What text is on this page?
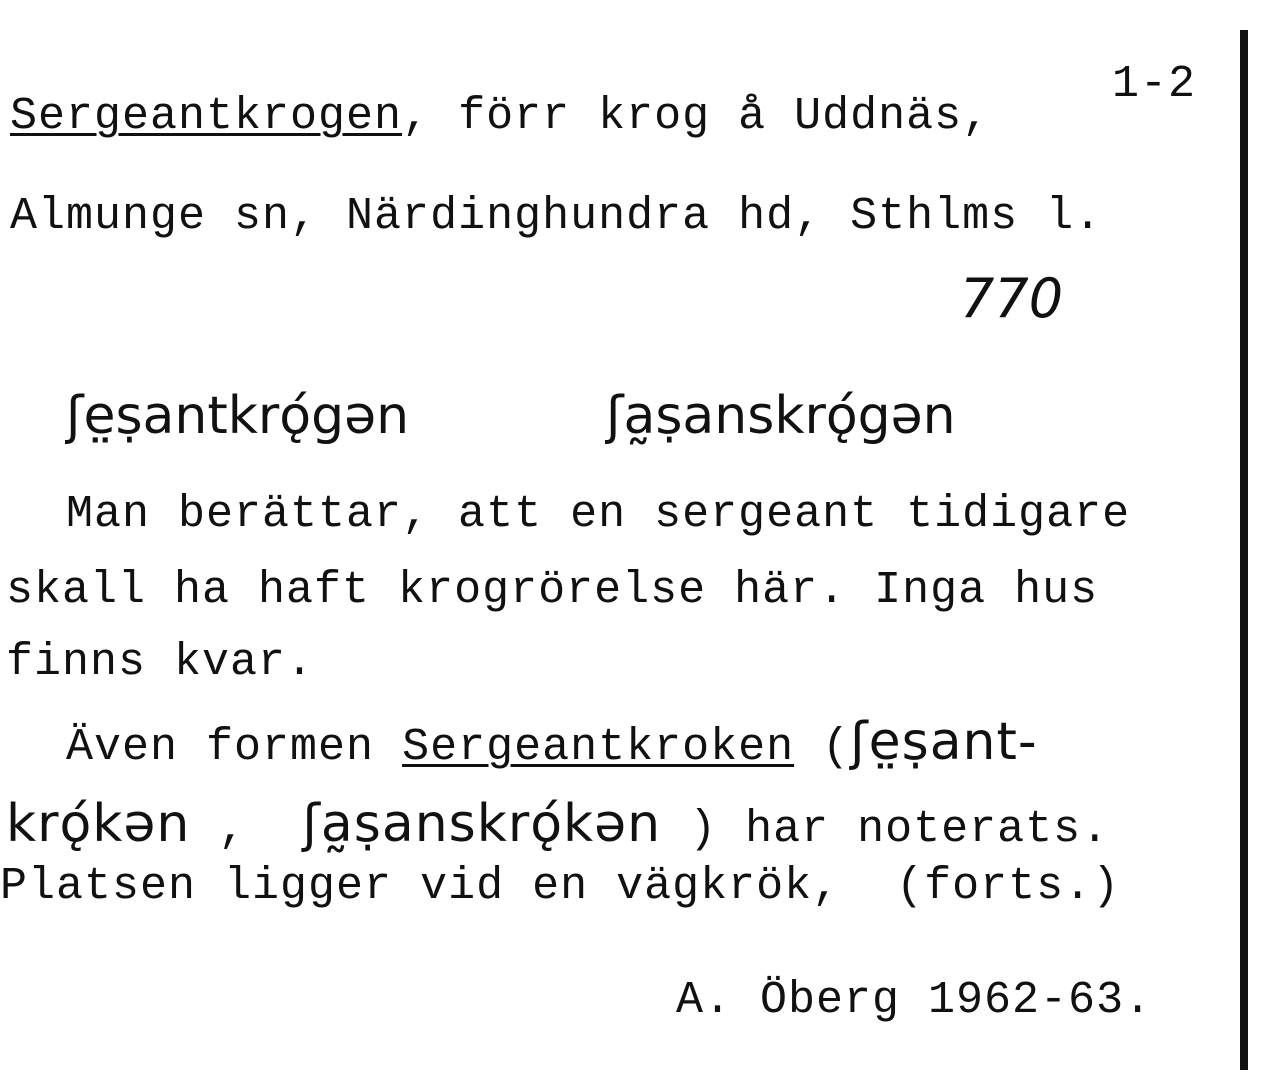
1-2
Sergeantkrogen, förr krog å Uddnäs,
Almunge sn, Närdinghundra hd, Sthlms l.
770
ʃe̤ṣantkrǫ́gən	ʃa̰ṣanskrǫ́gən
Man berättar, att en sergeant tidigare
skall ha haft krogrörelse här. Inga hus
finns kvar.
Även formen Sergeantkroken (ʃe̤ṣant-
krǫ́kən ,  ʃa̰ṣanskrǫ́kən ) har noterats.
Platsen ligger vid en vägkrök,  (forts.)
A. Öberg 1962-63.
